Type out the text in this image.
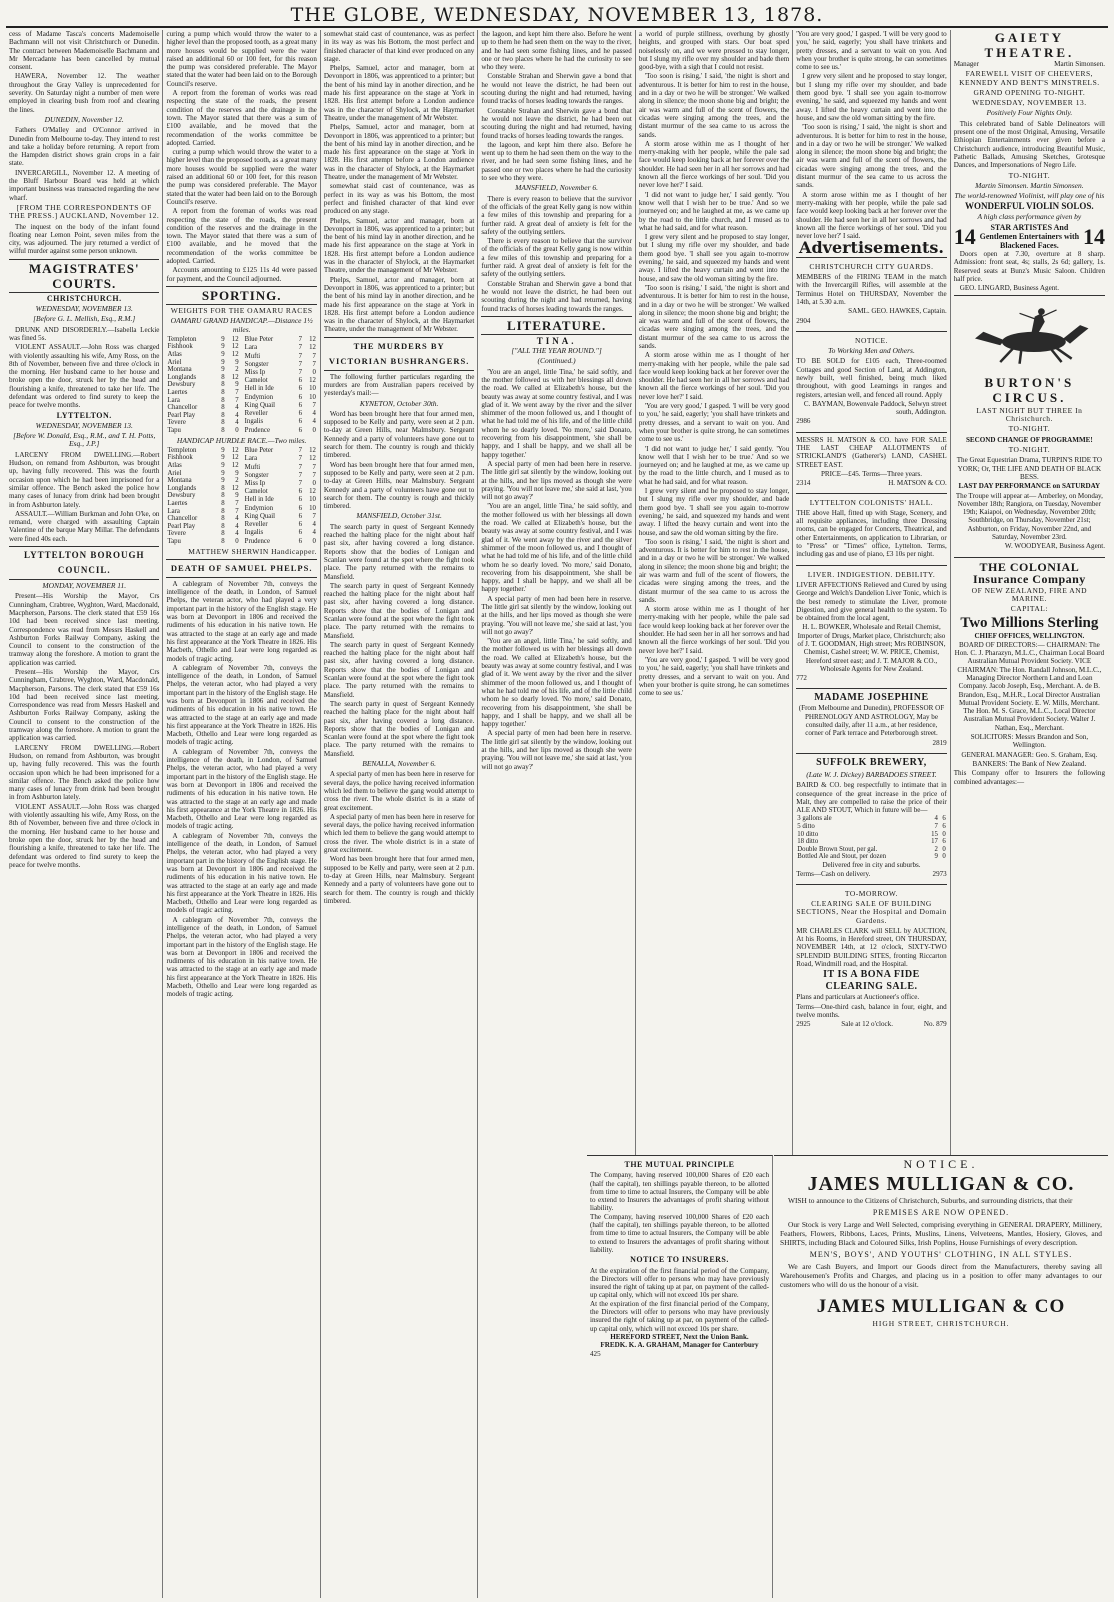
THE GLOBE, WEDNESDAY, NOVEMBER 13, 1878.

cess of Madame Tasca's concerts Mademoiselle Bachmann will not visit Christchurch or Dunedin. The contract between Mademoiselle Bachmann and Mr Mercadante has been cancelled by mutual consent.

HAWERA, November 12. The weather throughout the Gray Valley is unprecedented for severity. On Saturday night a number of men were employed in clearing bush from roof and clearing the lines.

DUNEDIN, November 12.

Fathers O'Malley and O'Connor arrived in Dunedin from Melbourne to-day. They intend to rest and take a holiday before returning. A report from the Hampden district shows grain crops in a fair state.

INVERCARGILL, November 12. A meeting of the Bluff Harbour Board was held at which important business was transacted regarding the new wharf.

[FROM THE CORRESPONDENTS OF THE PRESS.] AUCKLAND, November 12.

The inquest on the body of the infant found floating near Lemon Point, seven miles from the city, was adjourned. The jury returned a verdict of wilful murder against some person unknown.

MAGISTRATES' COURTS.
CHRISTCHURCH.
WEDNESDAY, NOVEMBER 13.
[Before G. L. Mellish, Esq., R.M.]

DRUNK AND DISORDERLY.—Isabella Leckie was fined 5s.

VIOLENT ASSAULT.—John Ross was charged with violently assaulting his wife, Amy Ross, on the 8th of November, between five and three o'clock in the morning. Her husband came to her house and broke open the door, struck her by the head and flourishing a knife, threatened to take her life. The defendant was ordered to find surety to keep the peace for twelve months.

LYTTELTON.
WEDNESDAY, NOVEMBER 13.
[Before W. Donald, Esq., R.M., and T. H. Potts, Esq., J.P.]

LARCENY FROM DWELLING.—Robert Hudson, on remand from Ashburton, was brought up, having fully recovered. This was the fourth occasion upon which he had been imprisoned for a similar offence. The Bench asked the police how many cases of lunacy from drink had been brought in from Ashburton lately.

ASSAULT.—William Burkman and John O'ke, on remand, were charged with assaulting Captain Valentine of the barque Mary Millar. The defendants were fined 40s each.

LYTTELTON BOROUGH COUNCIL.
MONDAY, NOVEMBER 11.

Present—His Worship the Mayor, Crs Cunningham, Crabtree, Wyghton, Ward, Macdonald, Macpherson, Parsons. The clerk stated that £59 16s 10d had been received since last meeting. Correspondence was read from Messrs Haskell and Ashburton Forks Railway Company, asking the Council to consent to the construction of the tramway along the foreshore. A motion to grant the application was carried.

Present—His Worship the Mayor, Crs Cunningham, Crabtree, Wyghton, Ward, Macdonald, Macpherson, Parsons. The clerk stated that £59 16s 10d had been received since last meeting. Correspondence was read from Messrs Haskell and Ashburton Forks Railway Company, asking the Council to consent to the construction of the tramway along the foreshore. A motion to grant the application was carried.

LARCENY FROM DWELLING.—Robert Hudson, on remand from Ashburton, was brought up, having fully recovered. This was the fourth occasion upon which he had been imprisoned for a similar offence. The Bench asked the police how many cases of lunacy from drink had been brought in from Ashburton lately.

VIOLENT ASSAULT.—John Ross was charged with violently assaulting his wife, Amy Ross, on the 8th of November, between five and three o'clock in the morning. Her husband came to her house and broke open the door, struck her by the head and flourishing a knife, threatened to take her life. The defendant was ordered to find surety to keep the peace for twelve months.

curing a pump which would throw the water to a higher level than the proposed tooth, as a great many more houses would be supplied were the water raised an additional 60 or 100 feet, for this reason the pump was considered preferable. The Mayor stated that the water had been laid on to the Borough Council's reserve.

A report from the foreman of works was read respecting the state of the roads, the present condition of the reserves and the drainage in the town. The Mayor stated that there was a sum of £100 available, and he moved that the recommendation of the works committee be adopted. Carried.

curing a pump which would throw the water to a higher level than the proposed tooth, as a great many more houses would be supplied were the water raised an additional 60 or 100 feet, for this reason the pump was considered preferable. The Mayor stated that the water had been laid on to the Borough Council's reserve.

A report from the foreman of works was read respecting the state of the roads, the present condition of the reserves and the drainage in the town. The Mayor stated that there was a sum of £100 available, and he moved that the recommendation of the works committee be adopted. Carried.

Accounts amounting to £125 11s 4d were passed for payment, and the Council adjourned.

SPORTING.
WEIGHTS FOR THE OAMARU RACES
OAMARU GRAND HANDICAP.—Distance 1½ miles.
Templeton	9	12
Fishhook	9	12
Atlas	9	12
Ariel	9	9
Montana	9	2
Longlands	8	12
Dewsbury	8	9
Laertes	8	7
Lara	8	7
Chancellor	8	4
Pearl Play	8	4
Tevere	8	4
Tapu	8	0
Blue Peter	7	12
Lara	7	12
Mufti	7	7
Songster	7	7
Miss Ip	7	0
Camelot	6	12
Hell in Ide	6	10
Endymion	6	10
King Quail	6	7
Reveller	6	4
Ingalis	6	4
Prudence	6	0
HANDICAP HURDLE RACE.—Two miles.
Templeton	9	12
Fishhook	9	12
Atlas	9	12
Ariel	9	9
Montana	9	2
Longlands	8	12
Dewsbury	8	9
Laertes	8	7
Lara	8	7
Chancellor	8	4
Pearl Play	8	4
Tevere	8	4
Tapu	8	0
Blue Peter	7	12
Lara	7	12
Mufti	7	7
Songster	7	7
Miss Ip	7	0
Camelot	6	12
Hell in Ide	6	10
Endymion	6	10
King Quail	6	7
Reveller	6	4
Ingalis	6	4
Prudence	6	0
MATTHEW SHERWIN Handicapper.
DEATH OF SAMUEL PHELPS.

A cablegram of November 7th, conveys the intelligence of the death, in London, of Samuel Phelps, the veteran actor, who had played a very important part in the history of the English stage. He was born at Devonport in 1806 and received the rudiments of his education in his native town. He was attracted to the stage at an early age and made his first appearance at the York Theatre in 1826. His Macbeth, Othello and Lear were long regarded as models of tragic acting.

A cablegram of November 7th, conveys the intelligence of the death, in London, of Samuel Phelps, the veteran actor, who had played a very important part in the history of the English stage. He was born at Devonport in 1806 and received the rudiments of his education in his native town. He was attracted to the stage at an early age and made his first appearance at the York Theatre in 1826. His Macbeth, Othello and Lear were long regarded as models of tragic acting.

A cablegram of November 7th, conveys the intelligence of the death, in London, of Samuel Phelps, the veteran actor, who had played a very important part in the history of the English stage. He was born at Devonport in 1806 and received the rudiments of his education in his native town. He was attracted to the stage at an early age and made his first appearance at the York Theatre in 1826. His Macbeth, Othello and Lear were long regarded as models of tragic acting.

A cablegram of November 7th, conveys the intelligence of the death, in London, of Samuel Phelps, the veteran actor, who had played a very important part in the history of the English stage. He was born at Devonport in 1806 and received the rudiments of his education in his native town. He was attracted to the stage at an early age and made his first appearance at the York Theatre in 1826. His Macbeth, Othello and Lear were long regarded as models of tragic acting.

A cablegram of November 7th, conveys the intelligence of the death, in London, of Samuel Phelps, the veteran actor, who had played a very important part in the history of the English stage. He was born at Devonport in 1806 and received the rudiments of his education in his native town. He was attracted to the stage at an early age and made his first appearance at the York Theatre in 1826. His Macbeth, Othello and Lear were long regarded as models of tragic acting.

somewhat staid cast of countenance, was as perfect in its way as was his Bottom, the most perfect and finished character of that kind ever produced on any stage.

Phelps, Samuel, actor and manager, born at Devonport in 1806, was apprenticed to a printer; but the bent of his mind lay in another direction, and he made his first appearance on the stage at York in 1828. His first attempt before a London audience was in the character of Shylock, at the Haymarket Theatre, under the management of Mr Webster.

Phelps, Samuel, actor and manager, born at Devonport in 1806, was apprenticed to a printer; but the bent of his mind lay in another direction, and he made his first appearance on the stage at York in 1828. His first attempt before a London audience was in the character of Shylock, at the Haymarket Theatre, under the management of Mr Webster.

somewhat staid cast of countenance, was as perfect in its way as was his Bottom, the most perfect and finished character of that kind ever produced on any stage.

Phelps, Samuel, actor and manager, born at Devonport in 1806, was apprenticed to a printer; but the bent of his mind lay in another direction, and he made his first appearance on the stage at York in 1828. His first attempt before a London audience was in the character of Shylock, at the Haymarket Theatre, under the management of Mr Webster.

Phelps, Samuel, actor and manager, born at Devonport in 1806, was apprenticed to a printer; but the bent of his mind lay in another direction, and he made his first appearance on the stage at York in 1828. His first attempt before a London audience was in the character of Shylock, at the Haymarket Theatre, under the management of Mr Webster.

THE MURDERS BY VICTORIAN BUSHRANGERS.

The following further particulars regarding the murders are from Australian papers received by yesterday's mail:—

KYNETON, October 30th.

Word has been brought here that four armed men, supposed to be Kelly and party, were seen at 2 p.m. to-day at Green Hills, near Malmsbury. Sergeant Kennedy and a party of volunteers have gone out to search for them. The country is rough and thickly timbered.

Word has been brought here that four armed men, supposed to be Kelly and party, were seen at 2 p.m. to-day at Green Hills, near Malmsbury. Sergeant Kennedy and a party of volunteers have gone out to search for them. The country is rough and thickly timbered.

MANSFIELD, October 31st.

The search party in quest of Sergeant Kennedy reached the halting place for the night about half past six, after having covered a long distance. Reports show that the bodies of Lonigan and Scanlan were found at the spot where the fight took place. The party returned with the remains to Mansfield.

The search party in quest of Sergeant Kennedy reached the halting place for the night about half past six, after having covered a long distance. Reports show that the bodies of Lonigan and Scanlan were found at the spot where the fight took place. The party returned with the remains to Mansfield.

The search party in quest of Sergeant Kennedy reached the halting place for the night about half past six, after having covered a long distance. Reports show that the bodies of Lonigan and Scanlan were found at the spot where the fight took place. The party returned with the remains to Mansfield.

The search party in quest of Sergeant Kennedy reached the halting place for the night about half past six, after having covered a long distance. Reports show that the bodies of Lonigan and Scanlan were found at the spot where the fight took place. The party returned with the remains to Mansfield.

BENALLA, November 6.

A special party of men has been here in reserve for several days, the police having received information which led them to believe the gang would attempt to cross the river. The whole district is in a state of great excitement.

A special party of men has been here in reserve for several days, the police having received information which led them to believe the gang would attempt to cross the river. The whole district is in a state of great excitement.

Word has been brought here that four armed men, supposed to be Kelly and party, were seen at 2 p.m. to-day at Green Hills, near Malmsbury. Sergeant Kennedy and a party of volunteers have gone out to search for them. The country is rough and thickly timbered.

the lagoon, and kept him there also. Before he went up to them he had seen them on the way to the river, and he had seen some fishing lines, and he passed one or two places where he had the curiosity to see who they were.

Constable Strahan and Sherwin gave a bond that he would not leave the district, he had been out scouting during the night and had returned, having found tracks of horses leading towards the ranges.

Constable Strahan and Sherwin gave a bond that he would not leave the district, he had been out scouting during the night and had returned, having found tracks of horses leading towards the ranges.

the lagoon, and kept him there also. Before he went up to them he had seen them on the way to the river, and he had seen some fishing lines, and he passed one or two places where he had the curiosity to see who they were.

MANSFIELD, November 6.

There is every reason to believe that the survivor of the officials of the great Kelly gang is now within a few miles of this township and preparing for a further raid. A great deal of anxiety is felt for the safety of the outlying settlers.

There is every reason to believe that the survivor of the officials of the great Kelly gang is now within a few miles of this township and preparing for a further raid. A great deal of anxiety is felt for the safety of the outlying settlers.

Constable Strahan and Sherwin gave a bond that he would not leave the district, he had been out scouting during the night and had returned, having found tracks of horses leading towards the ranges.

LITERATURE.
TINA.
["ALL THE YEAR ROUND."]
(Continued.)

'You are an angel, little Tina,' he said softly, and the mother followed us with her blessings all down the road. We called at Elizabeth's house, but the beauty was away at some country festival, and I was glad of it. We went away by the river and the silver shimmer of the moon followed us, and I thought of what he had told me of his life, and of the little child whom he so dearly loved. 'No more,' said Donato, recovering from his disappointment, 'she shall be happy, and I shall be happy, and we shall all be happy together.'

A special party of men had been here in reserve. The little girl sat silently by the window, looking out at the hills, and her lips moved as though she were praying. 'You will not leave me,' she said at last, 'you will not go away?'

'You are an angel, little Tina,' he said softly, and the mother followed us with her blessings all down the road. We called at Elizabeth's house, but the beauty was away at some country festival, and I was glad of it. We went away by the river and the silver shimmer of the moon followed us, and I thought of what he had told me of his life, and of the little child whom he so dearly loved. 'No more,' said Donato, recovering from his disappointment, 'she shall be happy, and I shall be happy, and we shall all be happy together.'

A special party of men had been here in reserve. The little girl sat silently by the window, looking out at the hills, and her lips moved as though she were praying. 'You will not leave me,' she said at last, 'you will not go away?'

'You are an angel, little Tina,' he said softly, and the mother followed us with her blessings all down the road. We called at Elizabeth's house, but the beauty was away at some country festival, and I was glad of it. We went away by the river and the silver shimmer of the moon followed us, and I thought of what he had told me of his life, and of the little child whom he so dearly loved. 'No more,' said Donato, recovering from his disappointment, 'she shall be happy, and I shall be happy, and we shall all be happy together.'

A special party of men had been here in reserve. The little girl sat silently by the window, looking out at the hills, and her lips moved as though she were praying. 'You will not leave me,' she said at last, 'you will not go away?'

a world of purple stillness, overhung by ghostly heights, and grouped with stars. Our boat sped noiselessly on, and we were pressed to stay longer, but I slung my rifle over my shoulder and bade them good-bye, with a sigh that I could not resist.

'Too soon is rising,' I said, 'the night is short and adventurous. It is better for him to rest in the house, and in a day or two he will be stronger.' We walked along in silence; the moon shone big and bright; the air was warm and full of the scent of flowers, the cicadas were singing among the trees, and the distant murmur of the sea came to us across the sands.

A storm arose within me as I thought of her merry-making with her people, while the pale sad face would keep looking back at her forever over the shoulder. He had seen her in all her sorrows and had known all the fierce workings of her soul. 'Did you never love her?' I said.

'I did not want to judge her,' I said gently. 'You know well that I wish her to be true.' And so we journeyed on; and he laughed at me, as we came up by the road to the little church, and I mused as to what he had said, and for what reason.

I grew very silent and he proposed to stay longer, but I slung my rifle over my shoulder, and bade them good bye. 'I shall see you again to-morrow evening,' he said, and squeezed my hands and went away. I lifted the heavy curtain and went into the house, and saw the old woman sitting by the fire.

'Too soon is rising,' I said, 'the night is short and adventurous. It is better for him to rest in the house, and in a day or two he will be stronger.' We walked along in silence; the moon shone big and bright; the air was warm and full of the scent of flowers, the cicadas were singing among the trees, and the distant murmur of the sea came to us across the sands.

A storm arose within me as I thought of her merry-making with her people, while the pale sad face would keep looking back at her forever over the shoulder. He had seen her in all her sorrows and had known all the fierce workings of her soul. 'Did you never love her?' I said.

'You are very good,' I gasped. 'I will be very good to you,' he said, eagerly; 'you shall have trinkets and pretty dresses, and a servant to wait on you. And when your brother is quite strong, he can sometimes come to see us.'

'I did not want to judge her,' I said gently. 'You know well that I wish her to be true.' And so we journeyed on; and he laughed at me, as we came up by the road to the little church, and I mused as to what he had said, and for what reason.

I grew very silent and he proposed to stay longer, but I slung my rifle over my shoulder, and bade them good bye. 'I shall see you again to-morrow evening,' he said, and squeezed my hands and went away. I lifted the heavy curtain and went into the house, and saw the old woman sitting by the fire.

'Too soon is rising,' I said, 'the night is short and adventurous. It is better for him to rest in the house, and in a day or two he will be stronger.' We walked along in silence; the moon shone big and bright; the air was warm and full of the scent of flowers, the cicadas were singing among the trees, and the distant murmur of the sea came to us across the sands.

A storm arose within me as I thought of her merry-making with her people, while the pale sad face would keep looking back at her forever over the shoulder. He had seen her in all her sorrows and had known all the fierce workings of her soul. 'Did you never love her?' I said.

'You are very good,' I gasped. 'I will be very good to you,' he said, eagerly; 'you shall have trinkets and pretty dresses, and a servant to wait on you. And when your brother is quite strong, he can sometimes come to see us.'

'You are very good,' I gasped. 'I will be very good to you,' he said, eagerly; 'you shall have trinkets and pretty dresses, and a servant to wait on you. And when your brother is quite strong, he can sometimes come to see us.'

I grew very silent and he proposed to stay longer, but I slung my rifle over my shoulder, and bade them good bye. 'I shall see you again to-morrow evening,' he said, and squeezed my hands and went away. I lifted the heavy curtain and went into the house, and saw the old woman sitting by the fire.

'Too soon is rising,' I said, 'the night is short and adventurous. It is better for him to rest in the house, and in a day or two he will be stronger.' We walked along in silence; the moon shone big and bright; the air was warm and full of the scent of flowers, the cicadas were singing among the trees, and the distant murmur of the sea came to us across the sands.

A storm arose within me as I thought of her merry-making with her people, while the pale sad face would keep looking back at her forever over the shoulder. He had seen her in all her sorrows and had known all the fierce workings of her soul. 'Did you never love her?' I said.

Advertisements.
CHRISTCHURCH CITY GUARDS.

MEMBERS of the FIRING TEAM in the match with the Invercargill Rifles, will assemble at the Terminus Hotel on THURSDAY, November the 14th, at 5.30 a.m.

SAML. GEO. HAWKES, Captain.

2904

NOTICE.
To Working Men and Others.

TO BE SOLD for £105 each, Three-roomed Cottages and good Section of Land, at Addington, newly built, well finished, being much liked throughout, with good Leamings in ranges and registers, artesian well, and fenced all round. Apply

C. BAYMAN, Bowenvale Paddock, Selwyn street south, Addington.

2986

MESSRS H. MATSON & CO. have FOR SALE THE LAST CHEAP ALLOTMENTS of STRICKLAND'S (Gatherer's) LAND, CASHEL STREET EAST.

PRICE—£45. Terms—Three years.

2314	H. MATSON & CO.
LYTTELTON COLONISTS' HALL.

THE above Hall, fitted up with Stage, Scenery, and all requisite appliances, including three Dressing rooms, can be engaged for Concerts, Theatrical, and other Entertainments, on application to Librarian, or to "Press" or "Times" office, Lyttelton. Terms, including gas and use of piano, £3 10s per night.

LIVER. INDIGESTION. DEBILITY.

LIVER AFFECTIONS Relieved and Cured by using George and Welch's Dandelion Liver Tonic, which is the best remedy to stimulate the Liver, promote Digestion, and give general health to the system. To be obtained from the local agent,

H. L. BOWKER, Wholesale and Retail Chemist, Importer of Drugs, Market place, Christchurch; also of J. T. GOODMAN, High street; Mrs ROBINSON, Chemist, Cashel street; W. W. PRICE, Chemist, Hereford street east; and J. T. MAJOR & CO., Wholesale Agents for New Zealand.

772

MADAME JOSEPHINE

(From Melbourne and Dunedin), PROFESSOR OF PHRENOLOGY AND ASTROLOGY, May be consulted daily, after 11 a.m., at her residence, corner of Park terrace and Peterborough street.

2819

SUFFOLK BREWERY,
(Late W. J. Dickey) BARBADOES STREET.

BAIRD & CO. beg respectfully to intimate that in consequence of the great increase in the price of Malt, they are compelled to raise the price of their ALE AND STOUT, Which in future will be—

3 gallons ale	4	6
5 ditto	7	6
10 ditto	15	0
18 ditto	17	6
Double Brown Stout, per gal.	2	0
Bottled Ale and Stout, per dozen	9	0

Delivered free in city and suburbs.

Terms—Cash on delivery.	2973
TO-MORROW.
CLEARING SALE OF BUILDING SECTIONS, Near the Hospital and Domain Gardens.

MR CHARLES CLARK will SELL by AUCTION, At his Rooms, in Hereford street, ON THURSDAY, NOVEMBER 14th, at 12 o'clock, SIXTY-TWO SPLENDID BUILDING SITES, fronting Riccarton Road, Windmill road, and the Hospital.

IT IS A BONA FIDE CLEARING SALE.

Plans and particulars at Auctioneer's office.

Terms—One-third cash, balance in four, eight, and twelve months.

2925	Sale at 12 o'clock.	No. 879
GAIETY THEATRE.
Manager	Martin Simonsen.
FAREWELL VISIT OF CHEEVERS, KENNEDY AND BENT'S MINSTRELS.
GRAND OPENING TO-NIGHT.
WEDNESDAY, NOVEMBER 13.
Positively Four Nights Only.

This celebrated band of Sable Delineators will present one of the most Original, Amusing, Versatile Ethiopian Entertainments ever given before a Christchurch audience, introducing Beautiful Music, Pathetic Ballads, Amusing Sketches, Grotesque Dances, and Impersonations of Negro Life.

TO-NIGHT.
Martin Simonsen. Martin Simonsen.
The world-renowned Violinist, will play one of his
WONDERFUL VIOLIN SOLOS.
A high class performance given by
14	STAR ARTISTES And Gentlemen Entertainers with Blackened Faces.	14

Doors open at 7.30, overture at 8 sharp. Admission: front seat, 4s; stalls, 2s 6d; gallery, 1s. Reserved seats at Bunz's Music Saloon. Children half price.

GEO. LINGARD, Business Agent.

BURTON'S CIRCUS.
LAST NIGHT BUT THREE In Christchurch.
TO-NIGHT.
SECOND CHANGE OF PROGRAMME!
TO-NIGHT.

The Great Equestrian Drama, TURPIN'S RIDE TO YORK; Or, THE LIFE AND DEATH OF BLACK BESS.

LAST DAY PERFORMANCE on SATURDAY

The Troupe will appear at— Amberley, on Monday, November 18th; Rangiora, on Tuesday, November 19th; Kaiapoi, on Wednesday, November 20th; Southbridge, on Thursday, November 21st; Ashburton, on Friday, November 22nd, and Saturday, November 23rd.

W. WOODYEAR, Business Agent.

THE COLONIAL Insurance Company
OF NEW ZEALAND, FIRE AND MARINE.
CAPITAL:
Two Millions Sterling
CHIEF OFFICES, WELLINGTON.

BOARD OF DIRECTORS:— CHAIRMAN: The Hon. C. J. Pharazyn, M.L.C., Chairman Local Board Australian Mutual Provident Society. VICE CHAIRMAN: The Hon. Randall Johnson, M.L.C., Managing Director Northern Land and Loan Company. Jacob Joseph, Esq., Merchant. A. de B. Brandon, Esq., M.H.R., Local Director Australian Mutual Provident Society. E. W. Mills, Merchant. The Hon. M. S. Grace, M.L.C., Local Director Australian Mutual Provident Society. Walter J. Nathan, Esq., Merchant.

SOLICITORS: Messrs Brandon and Son, Wellington.

GENERAL MANAGER: Geo. S. Graham, Esq.

BANKERS: The Bank of New Zealand.

This Company offer to Insurers the following combined advantages:—

NOTICE.
JAMES MULLIGAN & CO.

WISH to announce to the Citizens of Christchurch, Suburbs, and surrounding districts, that their

PREMISES ARE NOW OPENED.

Our Stock is very Large and Well Selected, comprising everything in GENERAL DRAPERY, Millinery, Feathers, Flowers, Ribbons, Laces, Prints, Muslins, Linens, Velveteens, Mantles, Hosiery, Gloves, and SHIRTS, including Black and Coloured Silks, Irish Poplins, House Furnishings of every description.

MEN'S, BOYS', AND YOUTHS' CLOTHING, IN ALL STYLES.

We are Cash Buyers, and Import our Goods direct from the Manufacturers, thereby saving all Warehousemen's Profits and Charges, and placing us in a position to offer many advantages to our customers who will do us the honour of a visit.

JAMES MULLIGAN & CO
HIGH STREET, CHRISTCHURCH.
THE MUTUAL PRINCIPLE

The Company, having reserved 100,000 Shares of £20 each (half the capital), ten shillings payable thereon, to be allotted from time to time to actual Insurers, the Company will be able to extend to Insurers the advantages of profit sharing without liability.

The Company, having reserved 100,000 Shares of £20 each (half the capital), ten shillings payable thereon, to be allotted from time to time to actual Insurers, the Company will be able to extend to Insurers the advantages of profit sharing without liability.

NOTICE TO INSURERS.

At the expiration of the first financial period of the Company, the Directors will offer to persons who may have previously insured the right of taking up at par, on payment of the called-up capital only, which will not exceed 10s per share.

At the expiration of the first financial period of the Company, the Directors will offer to persons who may have previously insured the right of taking up at par, on payment of the called-up capital only, which will not exceed 10s per share.

HEREFORD STREET, Next the Union Bank.
FREDK. K. A. GRAHAM, Manager for Canterbury
425
